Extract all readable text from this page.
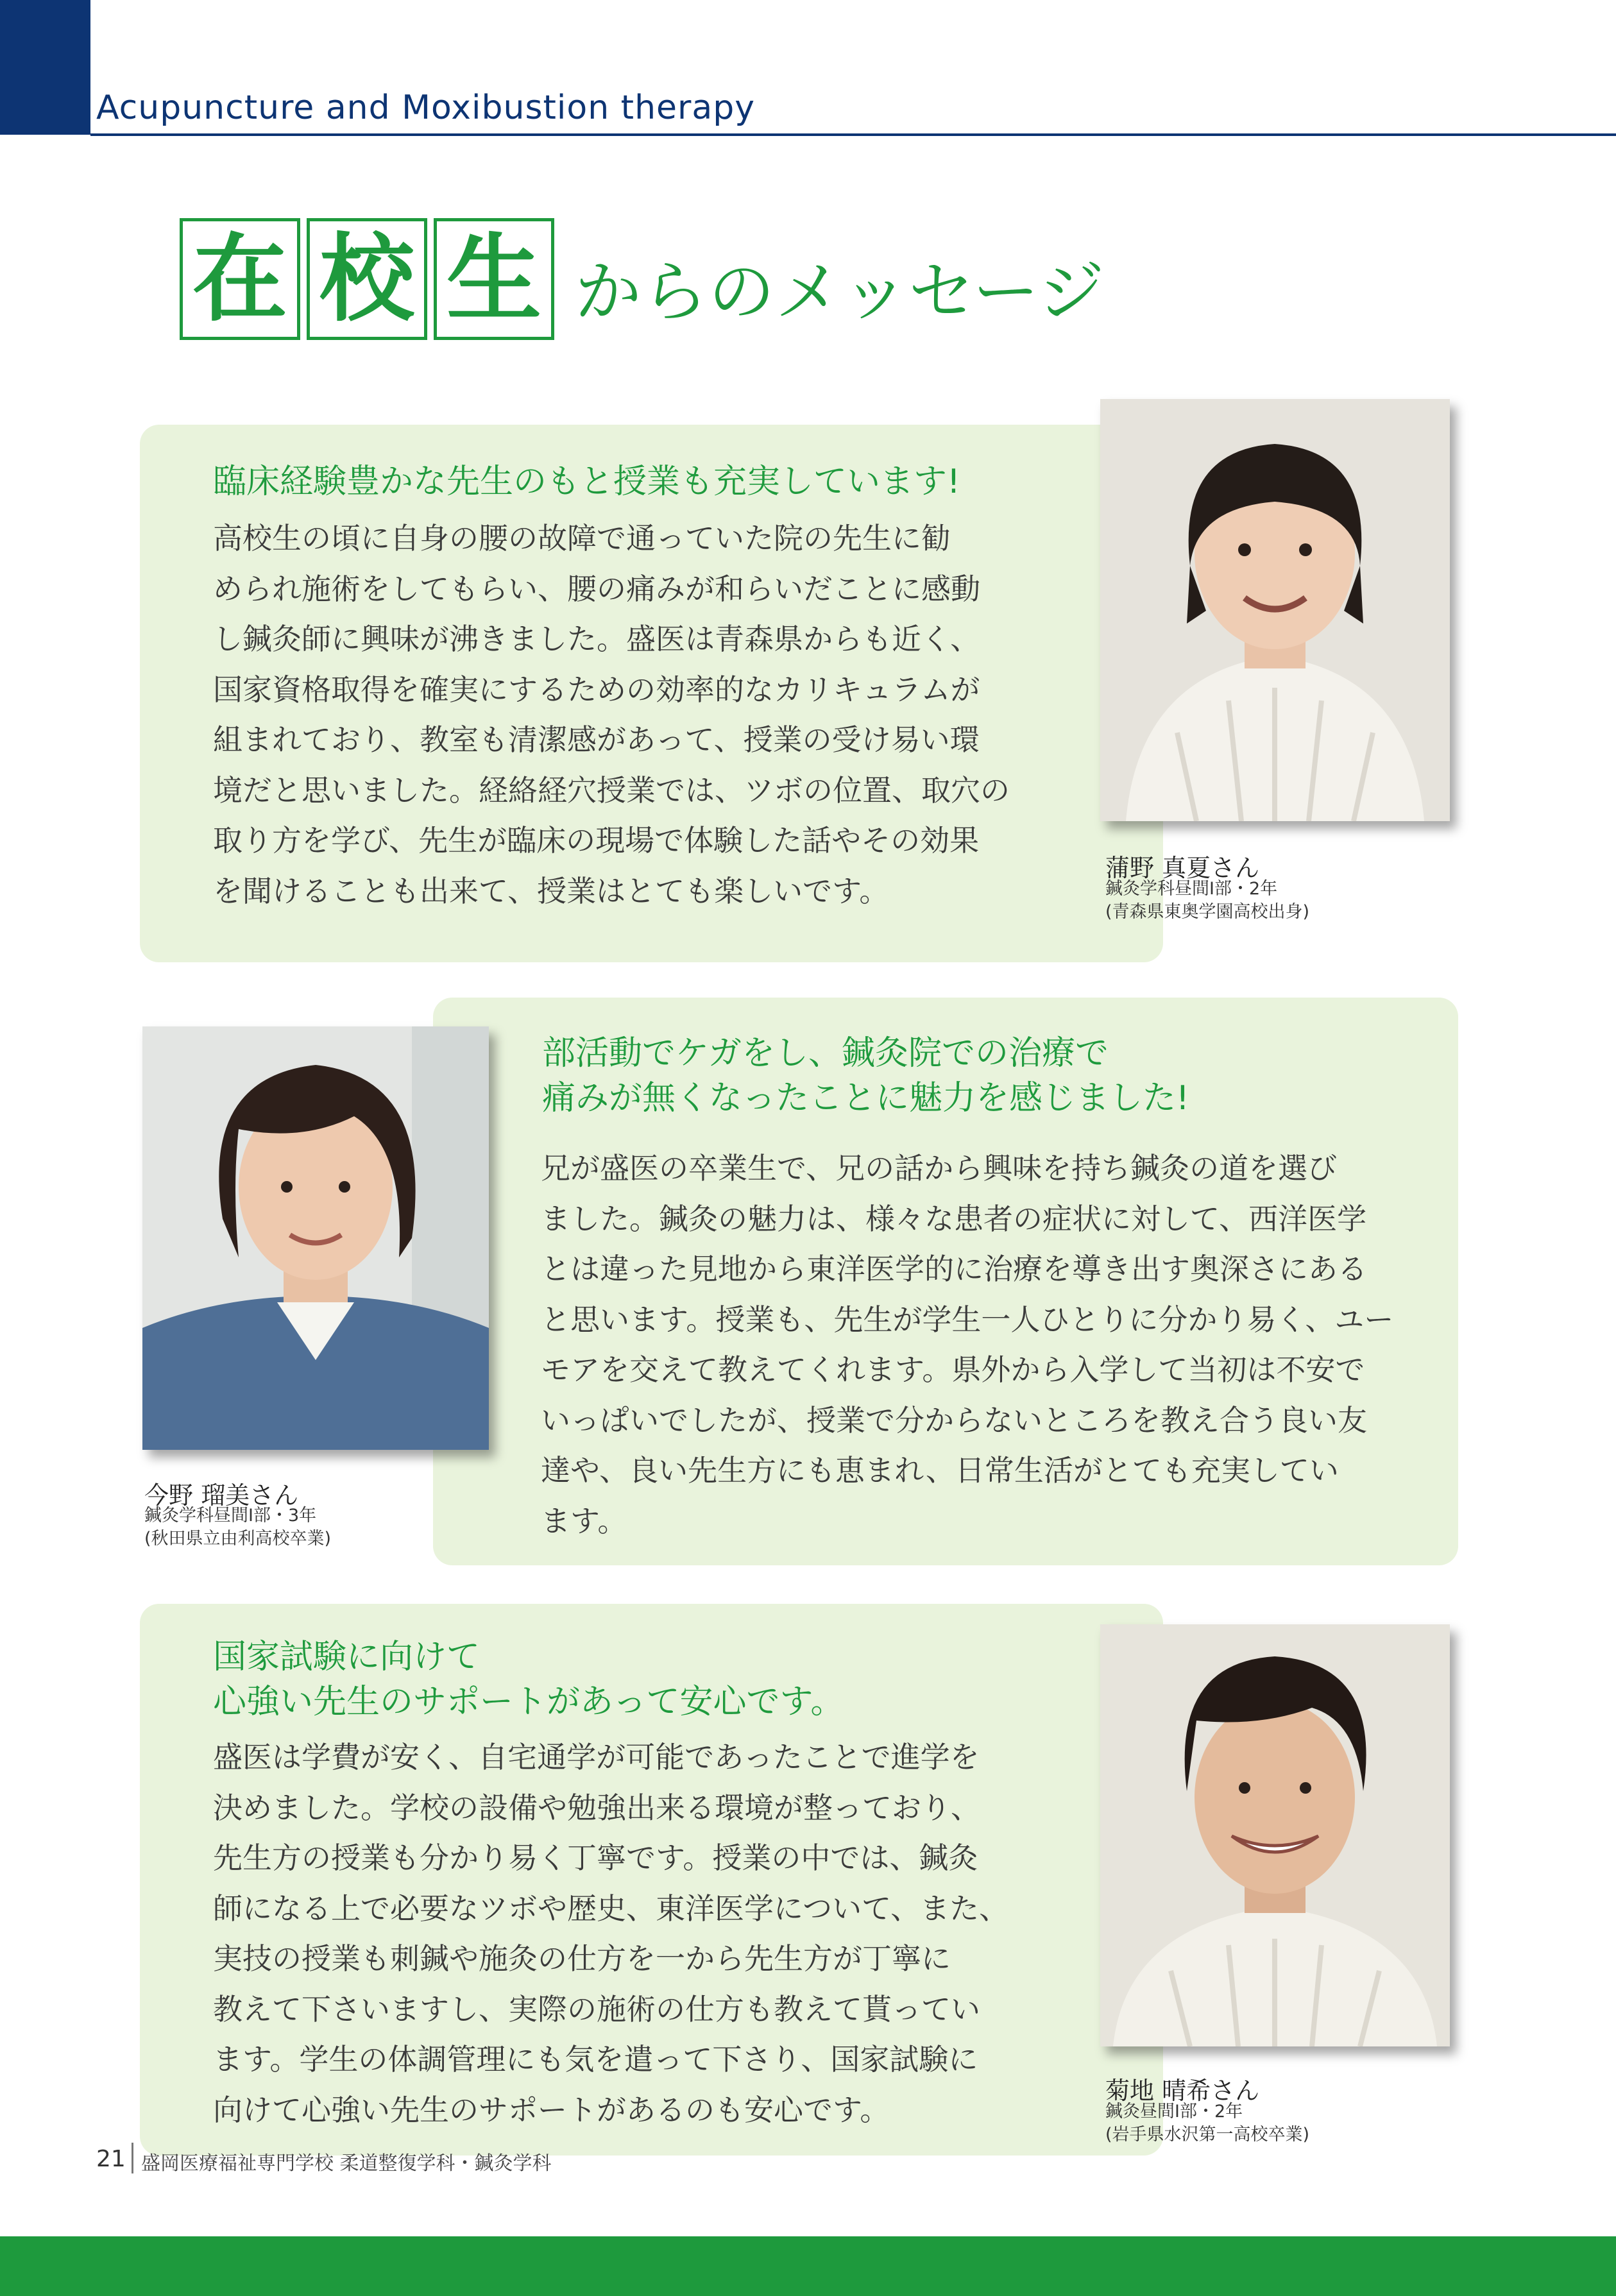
Acupuncture and Moxibustion therapy
在 校 生 からのメッセージ
臨床経験豊かな先生のもと授業も充実しています!
高校生の頃に自身の腰の故障で通っていた院の先生に勧
められ施術をしてもらい、腰の痛みが和らいだことに感動
し鍼灸師に興味が沸きました。盛医は青森県からも近く、
国家資格取得を確実にするための効率的なカリキュラムが
組まれており、教室も清潔感があって、授業の受け易い環
境だと思いました。経絡経穴授業では、ツボの位置、取穴の
取り方を学び、先生が臨床の現場で体験した話やその効果
を聞けることも出来て、授業はとても楽しいです。
蒲野 真夏さん
鍼灸学科昼間I部・2年
(青森県東奥学園高校出身)
部活動でケガをし、鍼灸院での治療で
痛みが無くなったことに魅力を感じました!
兄が盛医の卒業生で、兄の話から興味を持ち鍼灸の道を選び
ました。鍼灸の魅力は、様々な患者の症状に対して、西洋医学
とは違った見地から東洋医学的に治療を導き出す奥深さにある
と思います。授業も、先生が学生一人ひとりに分かり易く、ユー
モアを交えて教えてくれます。県外から入学して当初は不安で
いっぱいでしたが、授業で分からないところを教え合う良い友
達や、良い先生方にも恵まれ、日常生活がとても充実してい
ます。
今野 瑠美さん
鍼灸学科昼間I部・3年
(秋田県立由利高校卒業)
国家試験に向けて
心強い先生のサポートがあって安心です。
盛医は学費が安く、自宅通学が可能であったことで進学を
決めました。学校の設備や勉強出来る環境が整っており、
先生方の授業も分かり易く丁寧です。授業の中では、鍼灸
師になる上で必要なツボや歴史、東洋医学について、また、
実技の授業も刺鍼や施灸の仕方を一から先生方が丁寧に
教えて下さいますし、実際の施術の仕方も教えて貰ってい
ます。学生の体調管理にも気を遣って下さり、国家試験に
向けて心強い先生のサポートがあるのも安心です。
菊地 晴希さん
鍼灸昼間I部・2年
(岩手県水沢第一高校卒業)
21 盛岡医療福祉専門学校 柔道整復学科・鍼灸学科
